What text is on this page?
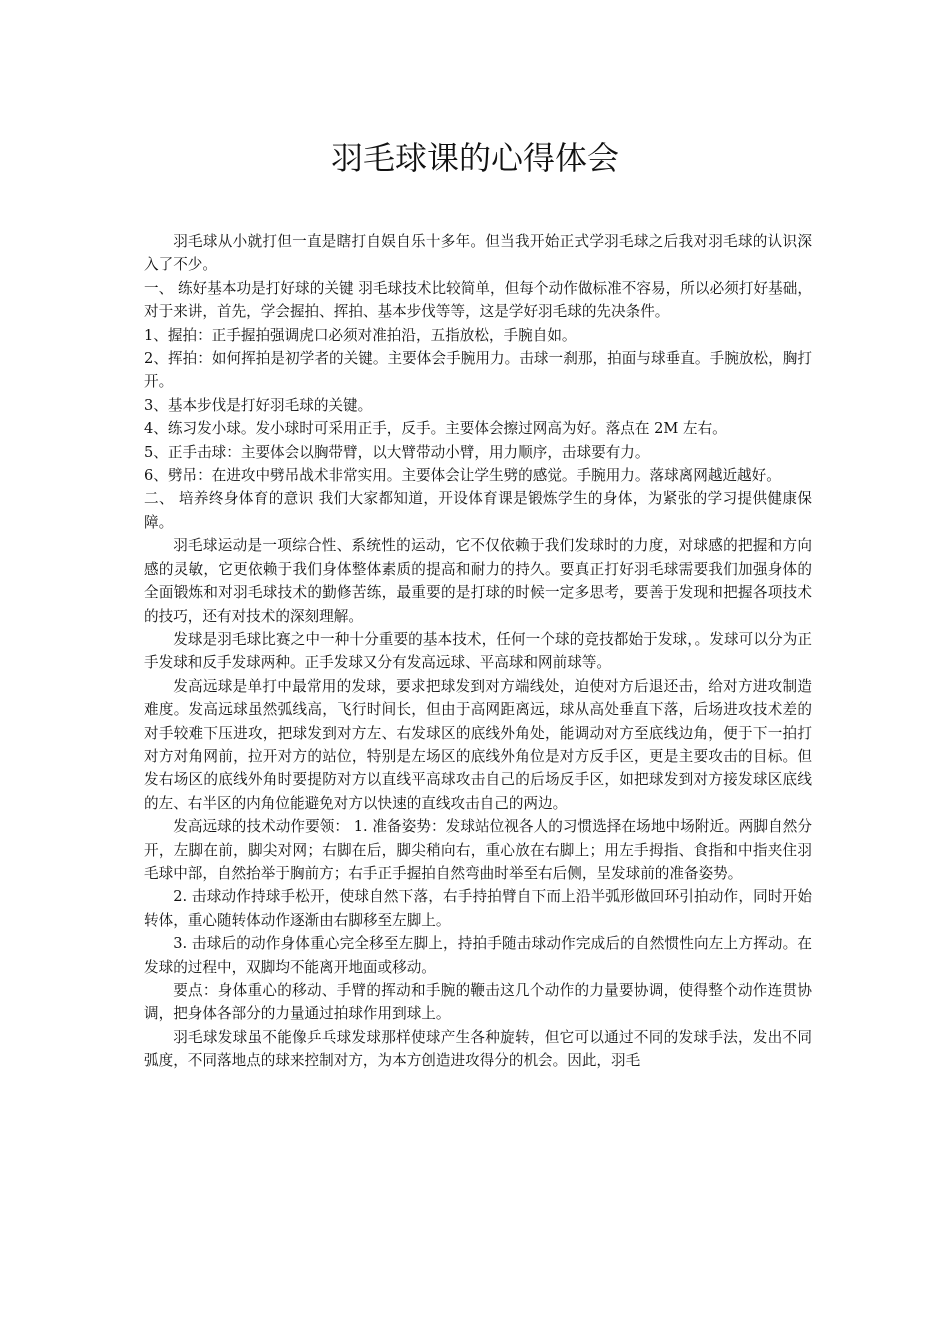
羽毛球课的心得体会

羽毛球从小就打但一直是瞎打自娱自乐十多年。但当我开始正式学羽毛球之后我对羽毛球的认识深入了不少。

一、 练好基本功是打好球的关键 羽毛球技术比较简单，但每个动作做标准不容易，所以必须打好基础，对于来讲，首先，学会握拍、挥拍、基本步伐等等，这是学好羽毛球的先决条件。

1、握拍：正手握拍强调虎口必须对准拍沿，五指放松，手腕自如。

2、挥拍：如何挥拍是初学者的关键。主要体会手腕用力。击球一刹那，拍面与球垂直。手腕放松，胸打开。

3、基本步伐是打好羽毛球的关键。

4、练习发小球。发小球时可采用正手，反手。主要体会擦过网高为好。落点在 2M 左右。

5、正手击球：主要体会以胸带臂，以大臂带动小臂，用力顺序，击球要有力。

6、劈吊：在进攻中劈吊战术非常实用。主要体会让学生劈的感觉。手腕用力。落球离网越近越好。

二、 培养终身体育的意识 我们大家都知道，开设体育课是锻炼学生的身体，为紧张的学习提供健康保障。

羽毛球运动是一项综合性、系统性的运动，它不仅依赖于我们发球时的力度，对球感的把握和方向感的灵敏，它更依赖于我们身体整体素质的提高和耐力的持久。要真正打好羽毛球需要我们加强身体的全面锻炼和对羽毛球技术的勤修苦练，最重要的是打球的时候一定多思考，要善于发现和把握各项技术的技巧，还有对技术的深刻理解。

发球是羽毛球比赛之中一种十分重要的基本技术，任何一个球的竞技都始于发球，。发球可以分为正手发球和反手发球两种。正手发球又分有发高远球、平高球和网前球等。

发高远球是单打中最常用的发球，要求把球发到对方端线处，迫使对方后退还击，给对方进攻制造难度。发高远球虽然弧线高，飞行时间长，但由于高网距离远，球从高处垂直下落，后场进攻技术差的对手较难下压进攻，把球发到对方左、右发球区的底线外角处，能调动对方至底线边角，便于下一拍打对方对角网前，拉开对方的站位，特别是左场区的底线外角位是对方反手区，更是主要攻击的目标。但发右场区的底线外角时要提防对方以直线平高球攻击自己的后场反手区，如把球发到对方接发球区底线的左、右半区的内角位能避免对方以快速的直线攻击自己的两边。

发高远球的技术动作要领： 1. 准备姿势：发球站位视各人的习惯选择在场地中场附近。两脚自然分开，左脚在前，脚尖对网；右脚在后，脚尖稍向右，重心放在右脚上；用左手拇指、食指和中指夹住羽毛球中部，自然抬举于胸前方；右手正手握拍自然弯曲时举至右后侧，呈发球前的准备姿势。

2. 击球动作持球手松开，使球自然下落，右手持拍臂自下而上沿半弧形做回环引拍动作，同时开始转体，重心随转体动作逐渐由右脚移至左脚上。

3. 击球后的动作身体重心完全移至左脚上，持拍手随击球动作完成后的自然惯性向左上方挥动。在发球的过程中，双脚均不能离开地面或移动。

要点：身体重心的移动、手臂的挥动和手腕的鞭击这几个动作的力量要协调，使得整个动作连贯协调，把身体各部分的力量通过拍球作用到球上。

羽毛球发球虽不能像乒乓球发球那样使球产生各种旋转，但它可以通过不同的发球手法，发出不同弧度，不同落地点的球来控制对方，为本方创造进攻得分的机会。因此，羽毛
